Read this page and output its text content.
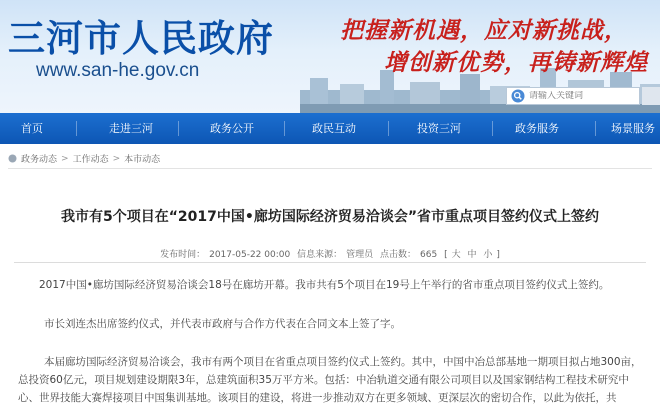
三河市人民政府
www.san-he.gov.cn
把握新机遇，应对新挑战，
增创新优势，再铸新辉煌
请输入关键词
首页	走进三河	政务公开	政民互动	投资三河	政务服务	场景服务
政务动态 > 工作动态 > 本市动态
我市有5个项目在“2017中国•廊坊国际经济贸易洽谈会”省市重点项目签约仪式上签约
发布时间： 2017-05-22 00:00 信息来源： 管理员 点击数： 665 [ 大 中 小 ]

2017中国•廊坊国际经济贸易洽谈会18号在廊坊开幕。我市共有5个项目在19号上午举行的省市重点项目签约仪式上签约。

市长刘连杰出席签约仪式，并代表市政府与合作方代表在合同文本上签了字。

本届廊坊国际经济贸易洽谈会，我市有两个项目在省重点项目签约仪式上签约。其中，中国中冶总部基地一期项目拟占地300亩，总投资60亿元，项目规划建设期限3年，总建筑面积35万平方米。包括：中冶轨道交通有限公司项目以及国家钢结构工程技术研究中心、世界技能大赛焊接项目中国集训基地。该项目的建设，将进一步推动双方在更多领域、更深层次的密切合作，以此为依托，共
